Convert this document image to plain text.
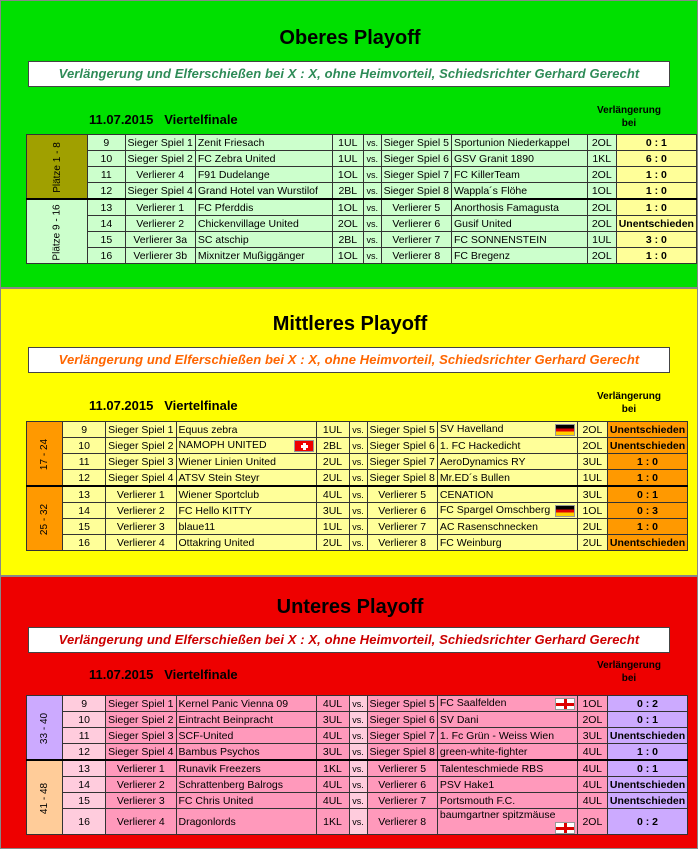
Oberes Playoff
Verlängerung und Elferschießen bei X : X, ohne Heimvorteil, Schiedsrichter Gerhard Gerecht
11.07.2015 Viertelfinale
Verlängerung
bei
Plätze 1 - 8	9	Sieger Spiel 1	Zenit Friesach	1UL	vs.	Sieger Spiel 5	Sportunion Niederkappel	2OL	0 : 1
	10	Sieger Spiel 2	FC Zebra United	1UL	vs.	Sieger Spiel 6	GSV Granit 1890	1KL	6 : 0
	11	Verlierer 4	F91 Dudelange	1OL	vs.	Sieger Spiel 7	FC KillerTeam	2OL	1 : 0
	12	Sieger Spiel 4	Grand Hotel van Wurstilof	2BL	vs.	Sieger Spiel 8	Wappla´s Flöhe	1OL	1 : 0
Plätze 9 - 16	13	Verlierer 1	FC Pferddis	1OL	vs.	Verlierer 5	Anorthosis Famagusta	2OL	1 : 0
	14	Verlierer 2	Chickenvillage United	2OL	vs.	Verlierer 6	Gusif United	2OL	Unentschieden
	15	Verlierer 3a	SC atschip	2BL	vs.	Verlierer 7	FC SONNENSTEIN	1UL	3 : 0
	16	Verlierer 3b	Mixnitzer Mußiggänger	1OL	vs.	Verlierer 8	FC Bregenz	2OL	1 : 0
Mittleres Playoff
Verlängerung und Elferschießen bei X : X, ohne Heimvorteil, Schiedsrichter Gerhard Gerecht
11.07.2015 Viertelfinale
Verlängerung
bei
17 - 24	9	Sieger Spiel 1	Equus zebra	1UL	vs.	Sieger Spiel 5	SV Havelland	2OL	Unentschieden
	10	Sieger Spiel 2	NAMOPH UNITED	2BL	vs.	Sieger Spiel 6	1. FC Hackedicht	2OL	Unentschieden
	11	Sieger Spiel 3	Wiener Linien United	2UL	vs.	Sieger Spiel 7	AeroDynamics RY	3UL	1 : 0
	12	Sieger Spiel 4	ATSV Stein Steyr	2UL	vs.	Sieger Spiel 8	Mr.ED´s Bullen	1UL	1 : 0
25 - 32	13	Verlierer 1	Wiener Sportclub	4UL	vs.	Verlierer 5	CENATION	3UL	0 : 1
	14	Verlierer 2	FC Hello KITTY	3UL	vs.	Verlierer 6	FC Spargel Omschberg	1OL	0 : 3
	15	Verlierer 3	blaue11	1UL	vs.	Verlierer 7	AC Rasenschnecken	2UL	1 : 0
	16	Verlierer 4	Ottakring United	2UL	vs.	Verlierer 8	FC Weinburg	2UL	Unentschieden
Unteres Playoff
Verlängerung und Elferschießen bei X : X, ohne Heimvorteil, Schiedsrichter Gerhard Gerecht
11.07.2015 Viertelfinale
Verlängerung
bei
33 - 40	9	Sieger Spiel 1	Kernel Panic Vienna 09	4UL	vs.	Sieger Spiel 5	FC Saalfelden	1OL	0 : 2
	10	Sieger Spiel 2	Eintracht Beinpracht	3UL	vs.	Sieger Spiel 6	SV Dani	2OL	0 : 1
	11	Sieger Spiel 3	SCF-United	4UL	vs.	Sieger Spiel 7	1. Fc Grün - Weiss Wien	3UL	Unentschieden
	12	Sieger Spiel 4	Bambus Psychos	3UL	vs.	Sieger Spiel 8	green-white-fighter	4UL	1 : 0
41 - 48	13	Verlierer 1	Runavik Freezers	1KL	vs.	Verlierer 5	Talenteschmiede RBS	4UL	0 : 1
	14	Verlierer 2	Schrattenberg Balrogs	4UL	vs.	Verlierer 6	PSV Hake1	4UL	Unentschieden
	15	Verlierer 3	FC Chris United	4UL	vs.	Verlierer 7	Portsmouth F.C.	4UL	Unentschieden
	16	Verlierer 4	Dragonlords	1KL	vs.	Verlierer 8	baumgartner spitzmäuse	2OL	0 : 2
